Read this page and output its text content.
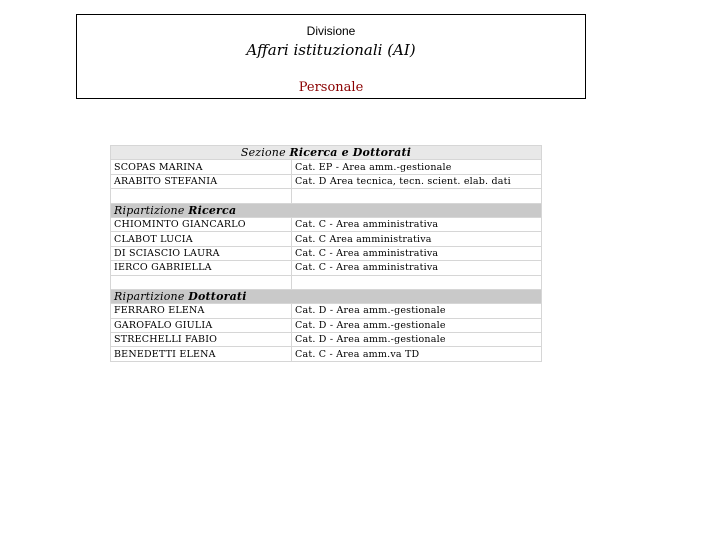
Divisione
Affari istituzionali (AI)
Personale
Sezione Ricerca e Dottorati	
SCOPAS MARINA	Cat. EP - Area amm.-gestionale
ARABITO STEFANIA	Cat. D Area tecnica, tecn. scient. elab. dati

Ripartizione Ricerca	
CHIOMINTO GIANCARLO	Cat. C - Area amministrativa
CLABOT LUCIA	Cat. C Area amministrativa
DI SCIASCIO LAURA	Cat. C - Area amministrativa
IERCO GABRIELLA	Cat. C - Area amministrativa

Ripartizione Dottorati	
FERRARO ELENA	Cat. D - Area amm.-gestionale
GAROFALO GIULIA	Cat. D - Area amm.-gestionale
STRECHELLI FABIO	Cat. D - Area amm.-gestionale
BENEDETTI ELENA	Cat. C - Area amm.va TD
